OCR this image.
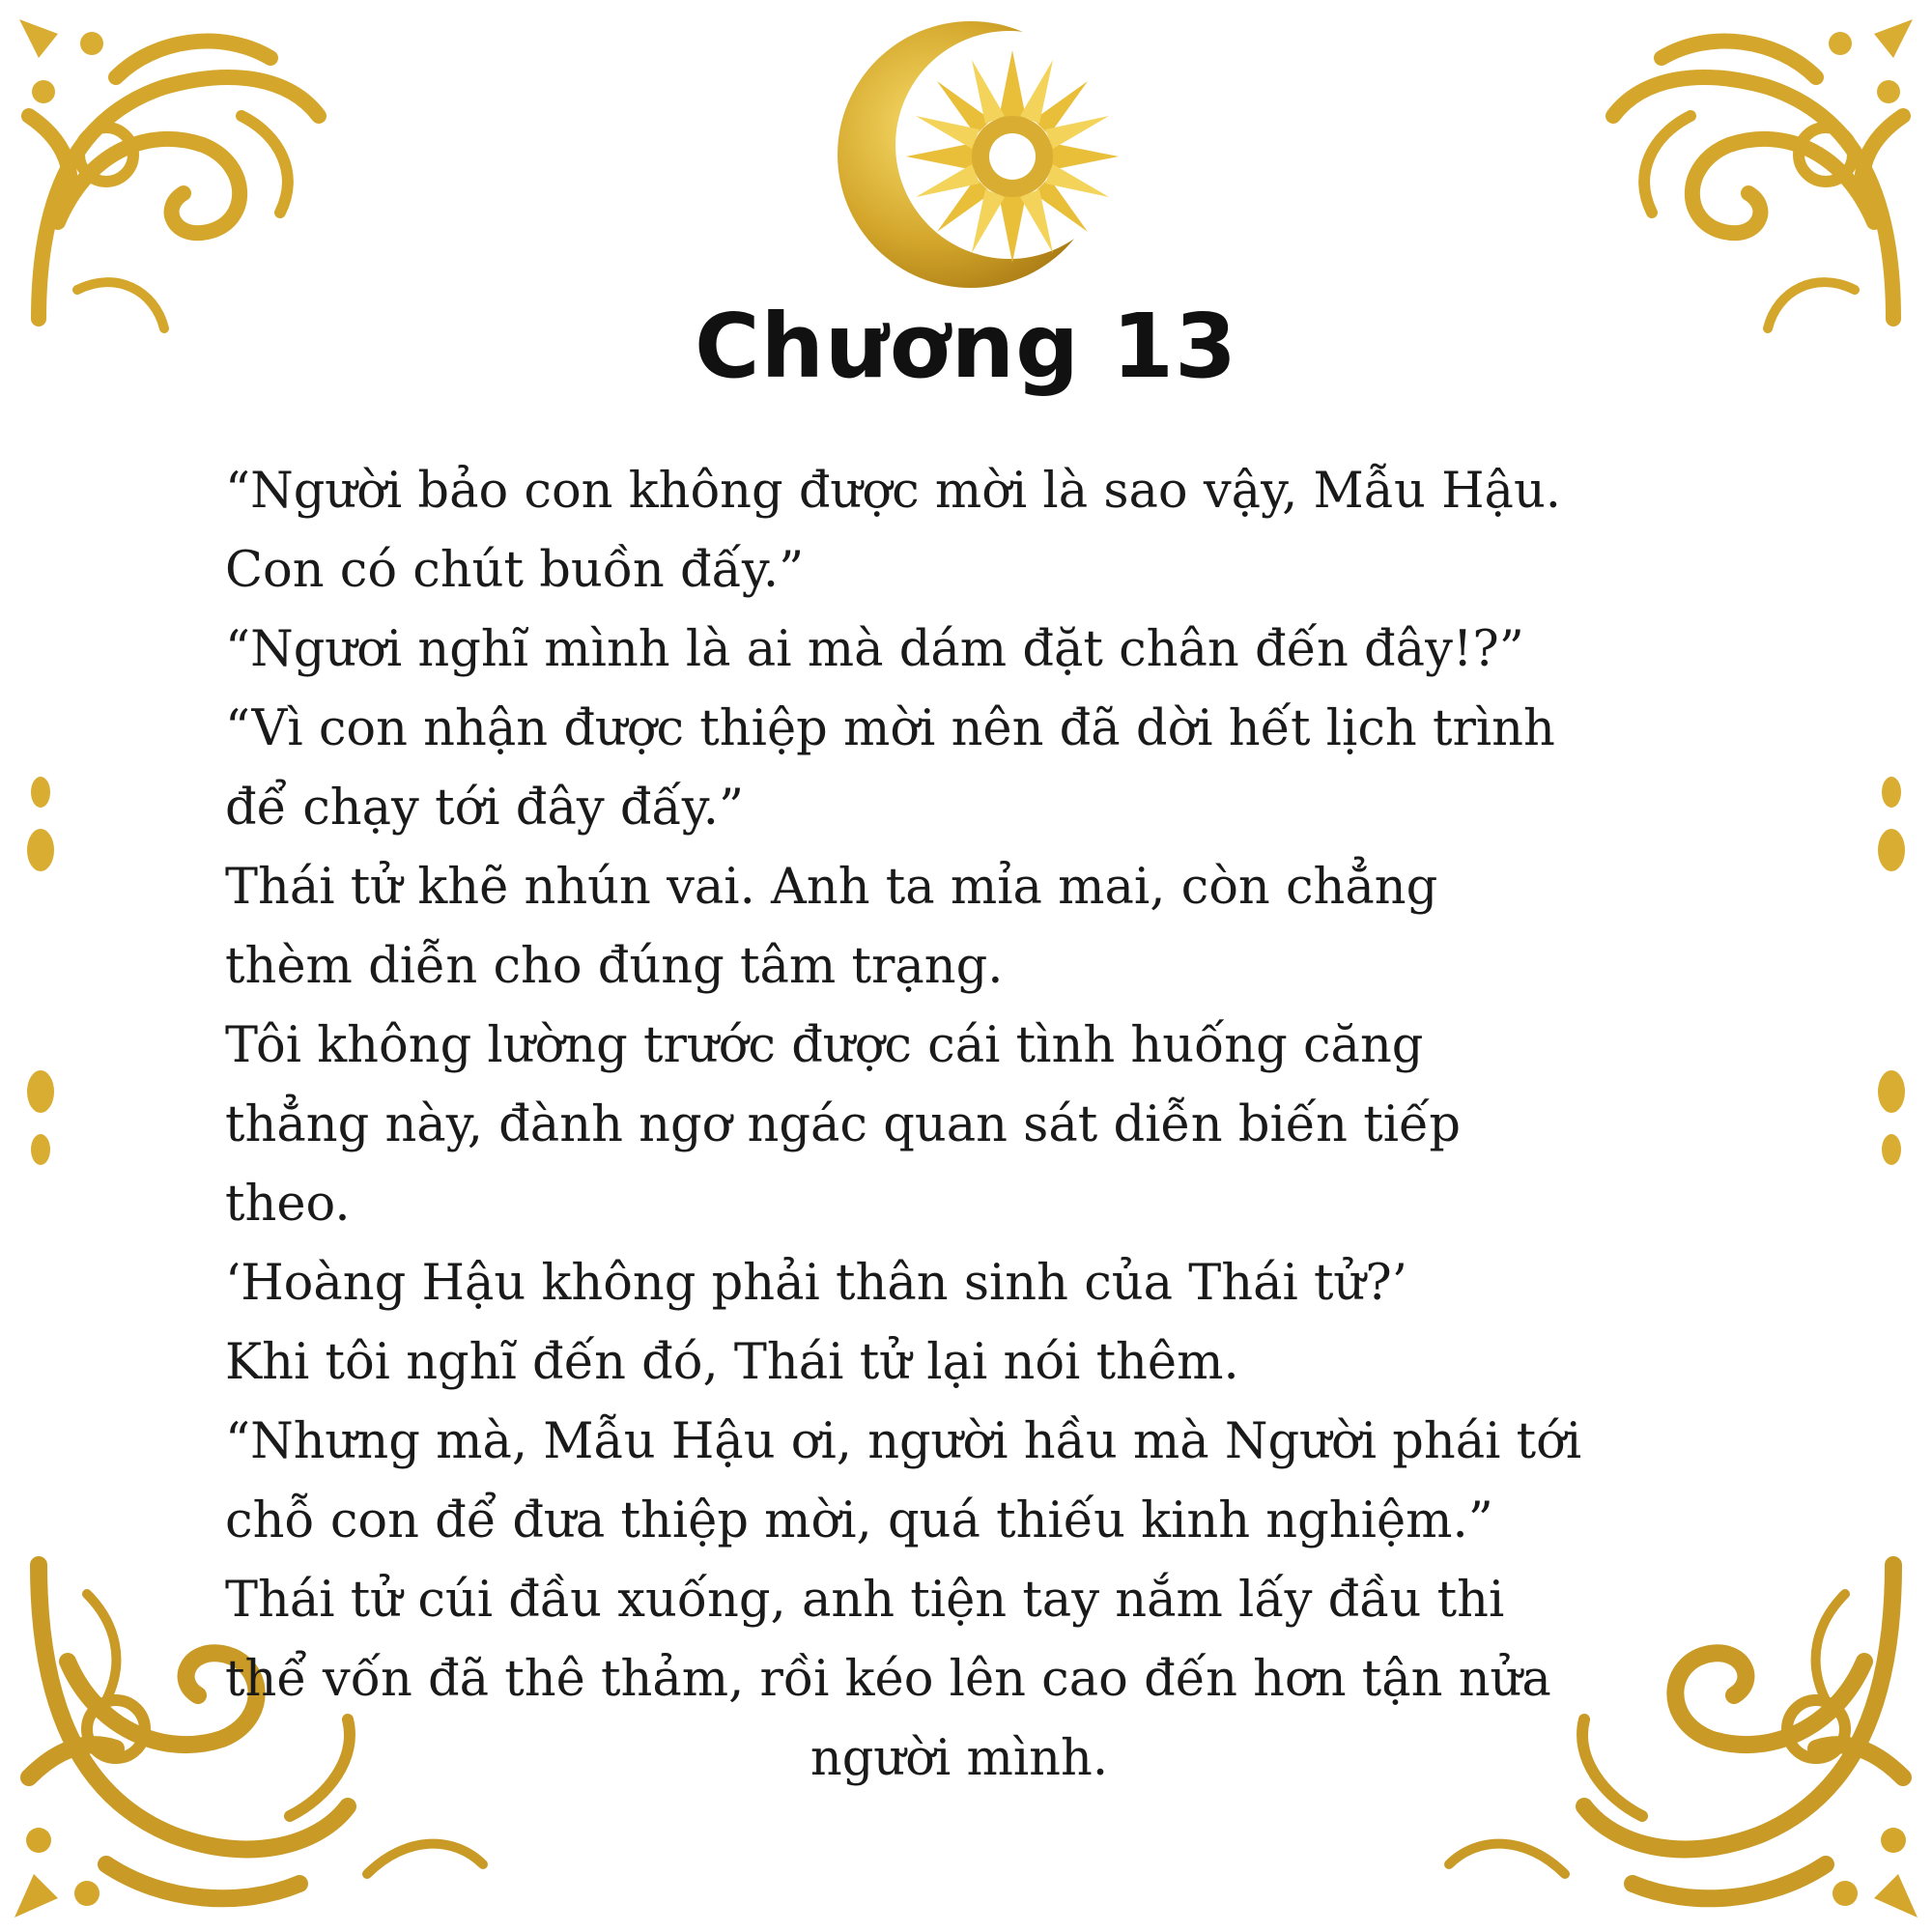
Chương 13
“Người bảo con không được mời là sao vậy, Mẫu Hậu.
Con có chút buồn đấy.”
“Ngươi nghĩ mình là ai mà dám đặt chân đến đây!?”
“Vì con nhận được thiệp mời nên đã dời hết lịch trình
để chạy tới đây đấy.”
Thái tử khẽ nhún vai. Anh ta mỉa mai, còn chẳng
thèm diễn cho đúng tâm trạng.
Tôi không lường trước được cái tình huống căng
thẳng này, đành ngơ ngác quan sát diễn biến tiếp
theo.
‘Hoàng Hậu không phải thân sinh của Thái tử?’
Khi tôi nghĩ đến đó, Thái tử lại nói thêm.
“Nhưng mà, Mẫu Hậu ơi, người hầu mà Người phái tới
chỗ con để đưa thiệp mời, quá thiếu kinh nghiệm.”
Thái tử cúi đầu xuống, anh tiện tay nắm lấy đầu thi
thể vốn đã thê thảm, rồi kéo lên cao đến hơn tận nửa
người mình.
